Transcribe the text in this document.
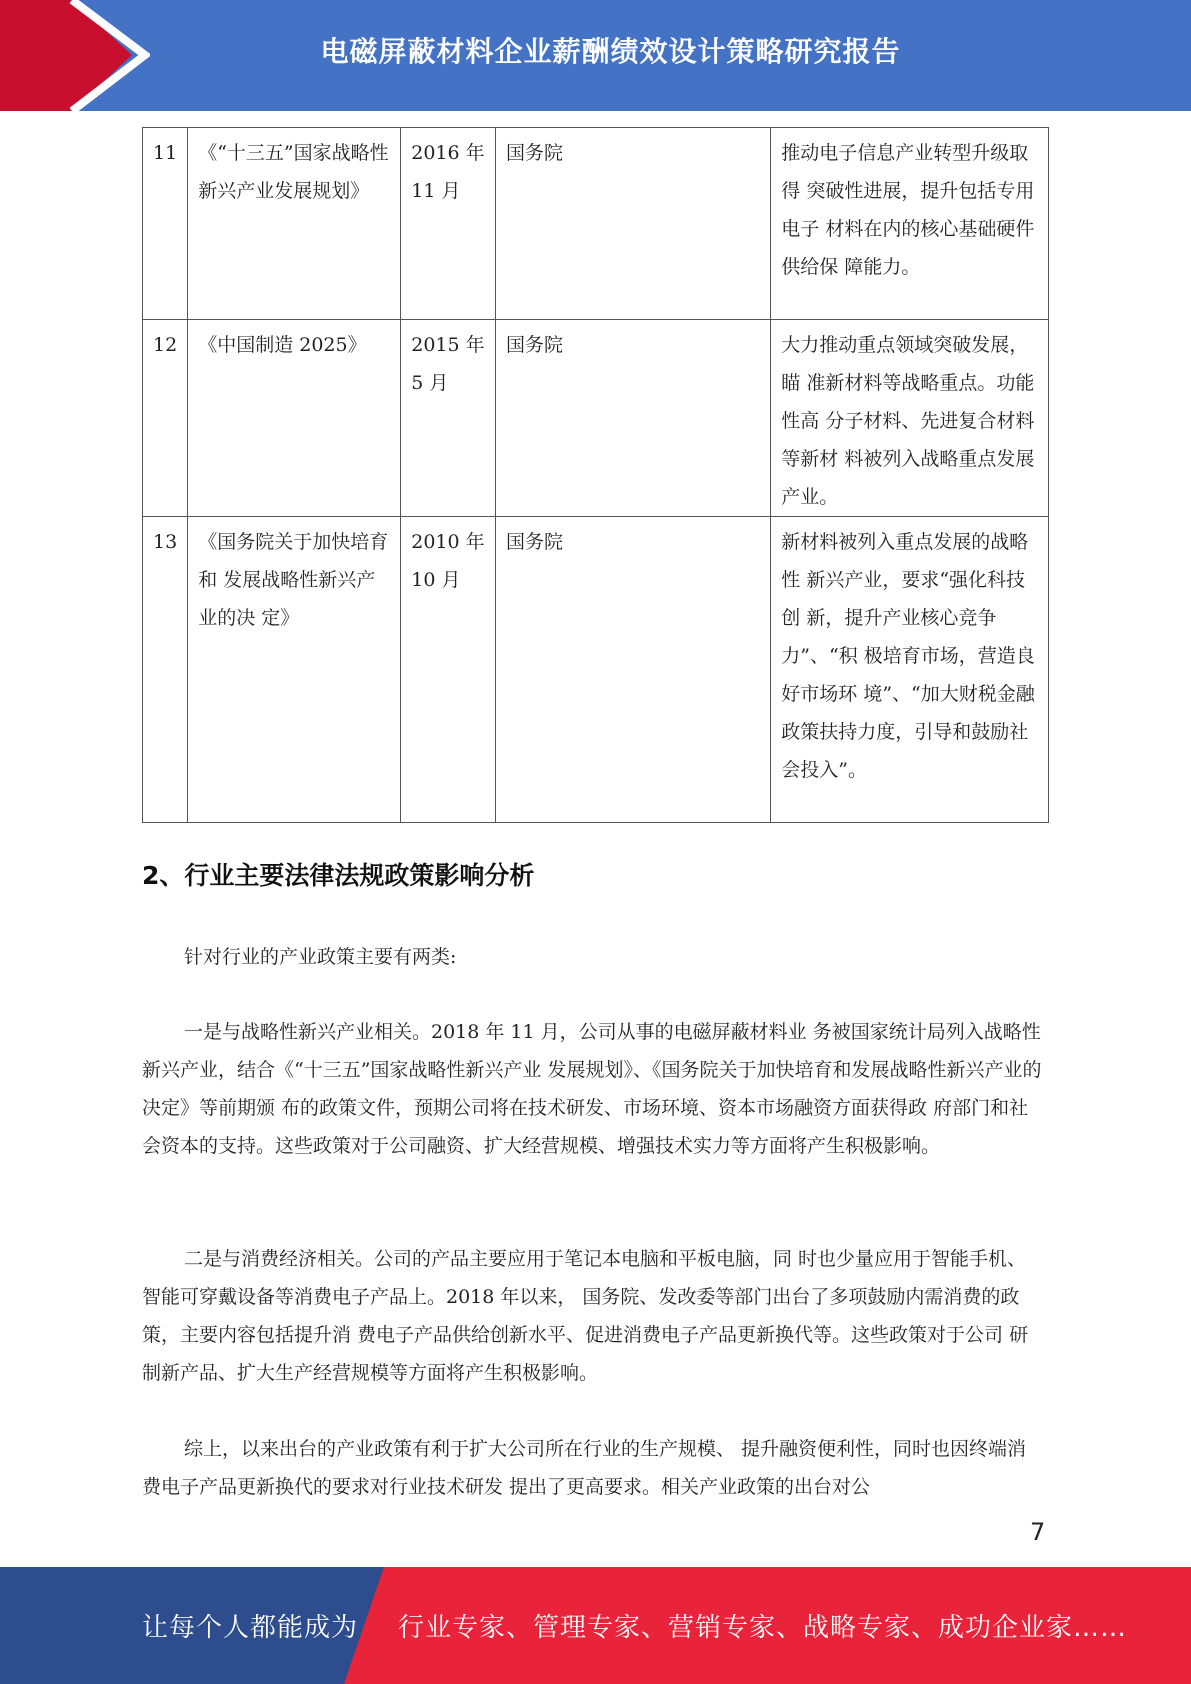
电磁屏蔽材料企业薪酬绩效设计策略研究报告
11	《“十三五”国家战略性 新兴产业发展规划》	2016 年 11 月	国务院	推动电子信息产业转型升级取得 突破性进展，提升包括专用电子 材料在内的核心基础硬件供给保 障能力。
12	《中国制造 2025》	2015 年 5 月	国务院	大力推动重点领域突破发展，瞄 准新材料等战略重点。功能性高 分子材料、先进复合材料等新材 料被列入战略重点发展产业。
13	《国务院关于加快培育和 发展战略性新兴产业的决 定》	2010 年 10 月	国务院	新材料被列入重点发展的战略性 新兴产业，要求“强化科技创 新，提升产业核心竞争力”、“积 极培育市场，营造良好市场环 境”、“加大财税金融政策扶持力度，引导和鼓励社会投入”。
2、行业主要法律法规政策影响分析

针对行业的产业政策主要有两类:

一是与战略性新兴产业相关。2018 年 11 月，公司从事的电磁屏蔽材料业 务被国家统计局列入战略性新兴产业，结合《“十三五”国家战略性新兴产业 发展规划》、《国务院关于加快培育和发展战略性新兴产业的决定》等前期颁 布的政策文件，预期公司将在技术研发、市场环境、资本市场融资方面获得政 府部门和社会资本的支持。这些政策对于公司融资、扩大经营规模、增强技术实力等方面将产生积极影响。

二是与消费经济相关。公司的产品主要应用于笔记本电脑和平板电脑，同 时也少量应用于智能手机、智能可穿戴设备等消费电子产品上。2018 年以来， 国务院、发改委等部门出台了多项鼓励内需消费的政策，主要内容包括提升消 费电子产品供给创新水平、促进消费电子产品更新换代等。这些政策对于公司 研制新产品、扩大生产经营规模等方面将产生积极影响。

综上，以来出台的产业政策有利于扩大公司所在行业的生产规模、 提升融资便利性，同时也因终端消费电子产品更新换代的要求对行业技术研发 提出了更高要求。相关产业政策的出台对公

7
让每个人都能成为 行业专家、管理专家、营销专家、战略专家、成功企业家……
